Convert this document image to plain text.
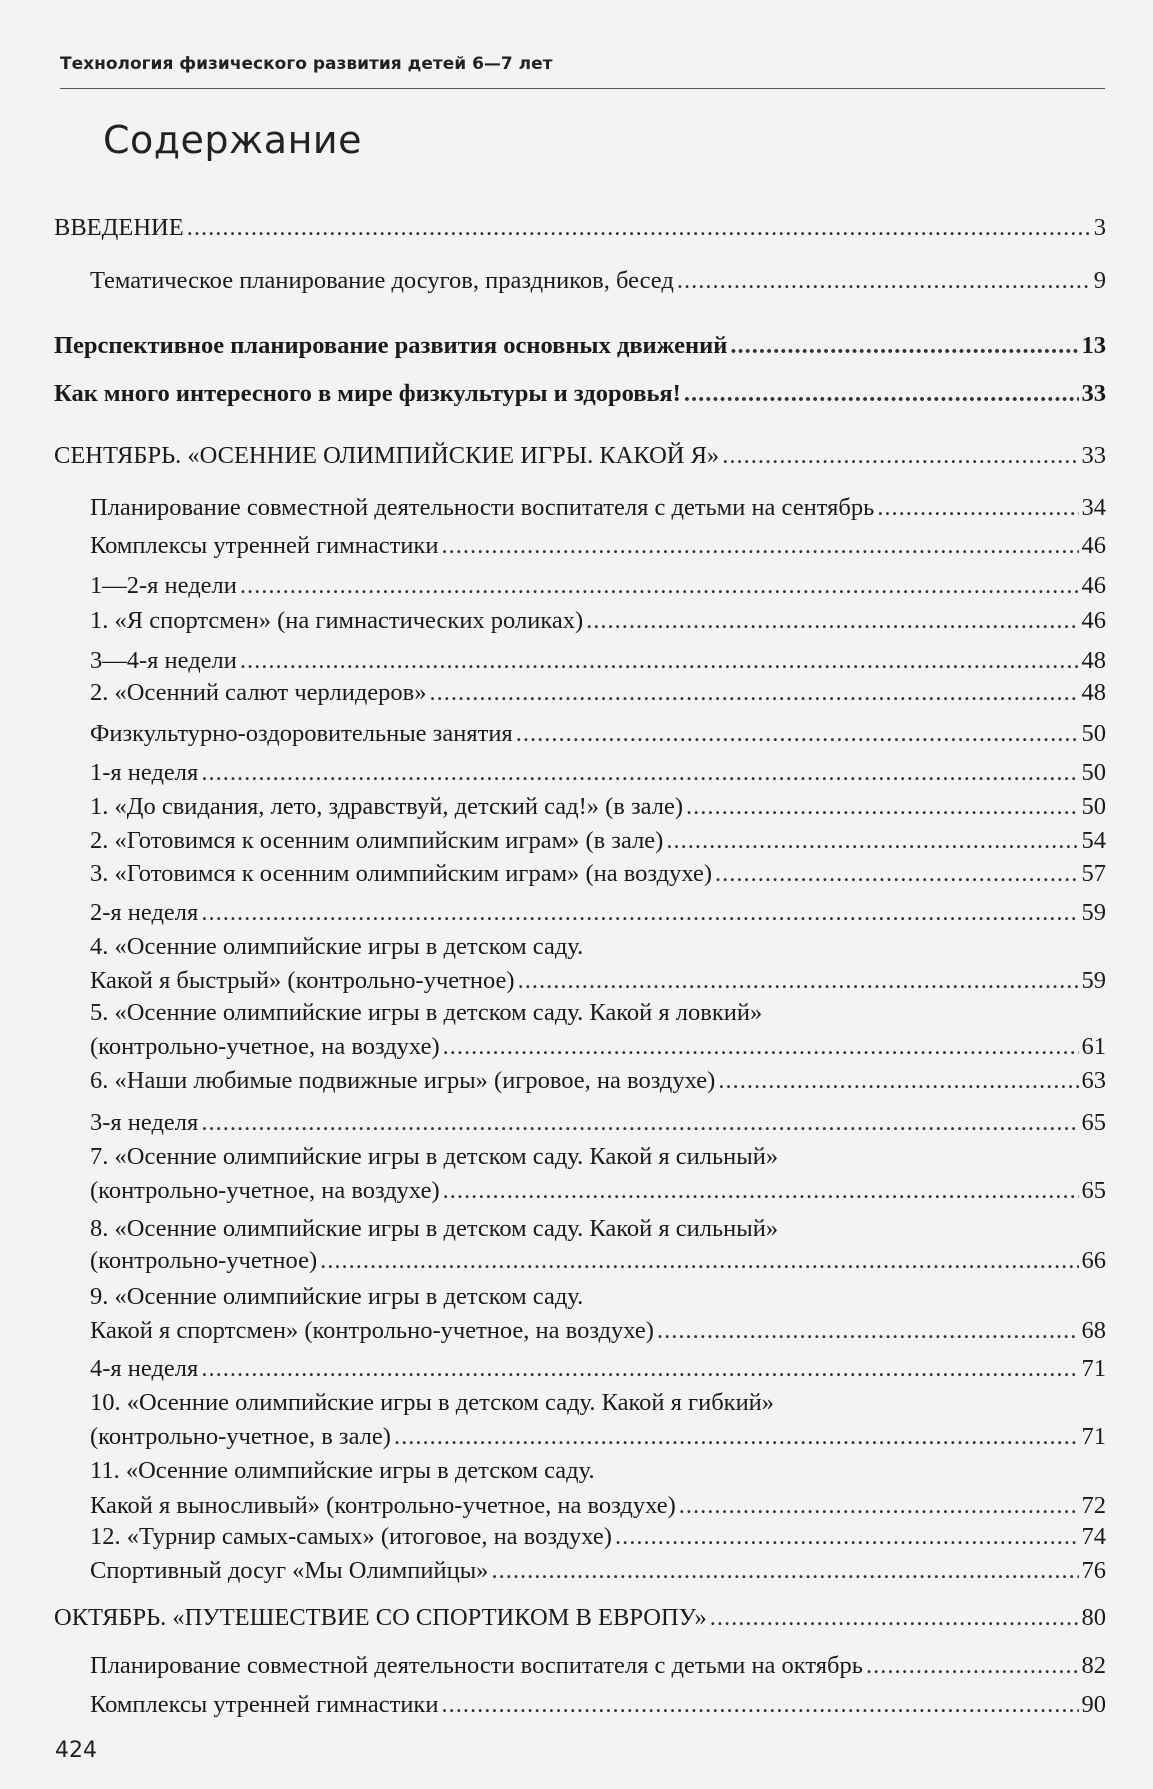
Технология физического развития детей 6—7 лет
Содержание
ВВЕДЕНИЕ .....	3
Тематическое планирование досугов, праздников, бесед .....	9
Перспективное планирование развития основных движений .....	13
Как много интересного в мире физкультуры и здоровья! .....	33
СЕНТЯБРЬ. «ОСЕННИЕ ОЛИМПИЙСКИЕ ИГРЫ. КАКОЙ Я» .....	33
Планирование совместной деятельности воспитателя с детьми на сентябрь .....	34
Комплексы утренней гимнастики .....	46
1—2-я недели .....	46
1. «Я спортсмен» (на гимнастических роликах) .....	46
3—4-я недели .....	48
2. «Осенний салют черлидеров» .....	48
Физкультурно-оздоровительные занятия .....	50
1-я неделя .....	50
1. «До свидания, лето, здравствуй, детский сад!» (в зале) .....	50
2. «Готовимся к осенним олимпийским играм» (в зале) .....	54
3. «Готовимся к осенним олимпийским играм» (на воздухе) .....	57
2-я неделя .....	59
4. «Осенние олимпийские игры в детском саду.
Какой я быстрый» (контрольно-учетное) .....	59
5. «Осенние олимпийские игры в детском саду. Какой я ловкий»
(контрольно-учетное, на воздухе) .....	61
6. «Наши любимые подвижные игры» (игровое, на воздухе) .....	63
3-я неделя .....	65
7. «Осенние олимпийские игры в детском саду. Какой я сильный»
(контрольно-учетное, на воздухе) .....	65
8. «Осенние олимпийские игры в детском саду. Какой я сильный»
(контрольно-учетное) .....	66
9. «Осенние олимпийские игры в детском саду.
Какой я спортсмен» (контрольно-учетное, на воздухе) .....	68
4-я неделя .....	71
10. «Осенние олимпийские игры в детском саду. Какой я гибкий»
(контрольно-учетное, в зале) .....	71
11. «Осенние олимпийские игры в детском саду.
Какой я выносливый» (контрольно-учетное, на воздухе) .....	72
12. «Турнир самых-самых» (итоговое, на воздухе) .....	74
Спортивный досуг «Мы Олимпийцы» .....	76
ОКТЯБРЬ. «ПУТЕШЕСТВИЕ СО СПОРТИКОМ В ЕВРОПУ» .....	80
Планирование совместной деятельности воспитателя с детьми на октябрь .....	82
Комплексы утренней гимнастики .....	90
424
